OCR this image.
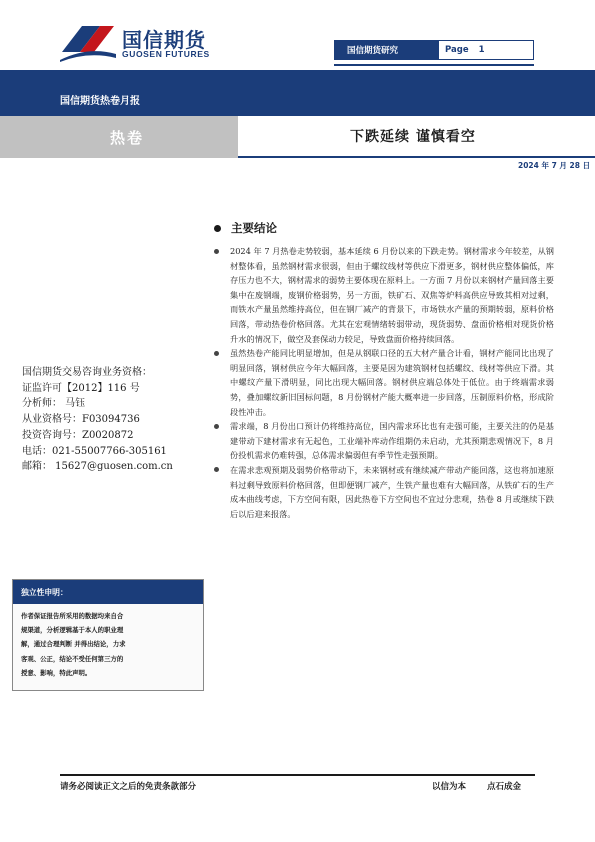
国信期货
GUOSEN FUTURES	国信期货研究	Page 1
国信期货热卷月报
热卷	下跌延续 谨慎看空
2024 年 7 月 28 日
主要结论
2024 年 7 月热卷走势较弱，基本延续 6 月份以来的下跌走势。钢材需求今年较差，从钢材整体看，虽然钢材需求很弱，但由于螺纹线材等供应下滑更多，钢材供应整体偏低，库存压力也不大，钢材需求的弱势主要体现在原料上。一方面 7 月份以来钢材产量回落主要集中在废钢端，废钢价格弱势，另一方面，铁矿石、双焦等炉料高供应导致其相对过剩，而铁水产量虽然维持高位，但在钢厂减产的背景下，市场铁水产量的预期转弱，原料价格回落，带动热卷价格回落。尤其在宏观情绪转弱带动，现货弱势、盘面价格相对现货价格升水的情况下，做空及套保动力较足，导致盘面价格持续回落。
虽然热卷产能同比明显增加，但是从钢联口径的五大材产量合计看，钢材产能同比出现了明显回落，钢材供应今年大幅回落，主要是因为建筑钢材包括螺纹、线材等供应下滑。其中螺纹产量下滑明显，同比出现大幅回落。钢材供应端总体处于低位。由于终端需求弱势，叠加螺纹新旧国标问题，8 月份钢材产能大概率进一步回落，压制原料价格，形成阶段性冲击。
需求端，8 月份出口预计仍将维持高位，国内需求环比也有走强可能，主要关注的仍是基建带动下建材需求有无起色，工业端补库动作组期仍未启动，尤其预期悲观情况下，8 月份投机需求仍难转强，总体需求偏弱但有季节性走强预期。
在需求悲观预期及弱势价格带动下，未来钢材或有继续减产带动产能回落，这也将加速原料过剩导致原料价格回落，但即便钢厂减产，生铁产量也难有大幅回落，从铁矿石的生产成本曲线考虑，下方空间有限，因此热卷下方空间也不宜过分悲观，热卷 8 月或继续下跌后以后迎来报落。
国信期货交易咨询业务资格：
证监许可【2012】116 号
分析师： 马钰
从业资格号：F03094736
投资咨询号：Z0020872
电话：021-55007766-305161
邮箱： 15627@guosen.com.cn
独立性申明：
作者保证报告所采用的数据均来自合
规渠道，分析逻辑基于本人的职业理
解，通过合理判断 并得出结论，力求
客观、公正，结论不受任何第三方的
授意、影响，特此声明。
请务必阅读正文之后的免责条款部分	以信为本 点石成金
